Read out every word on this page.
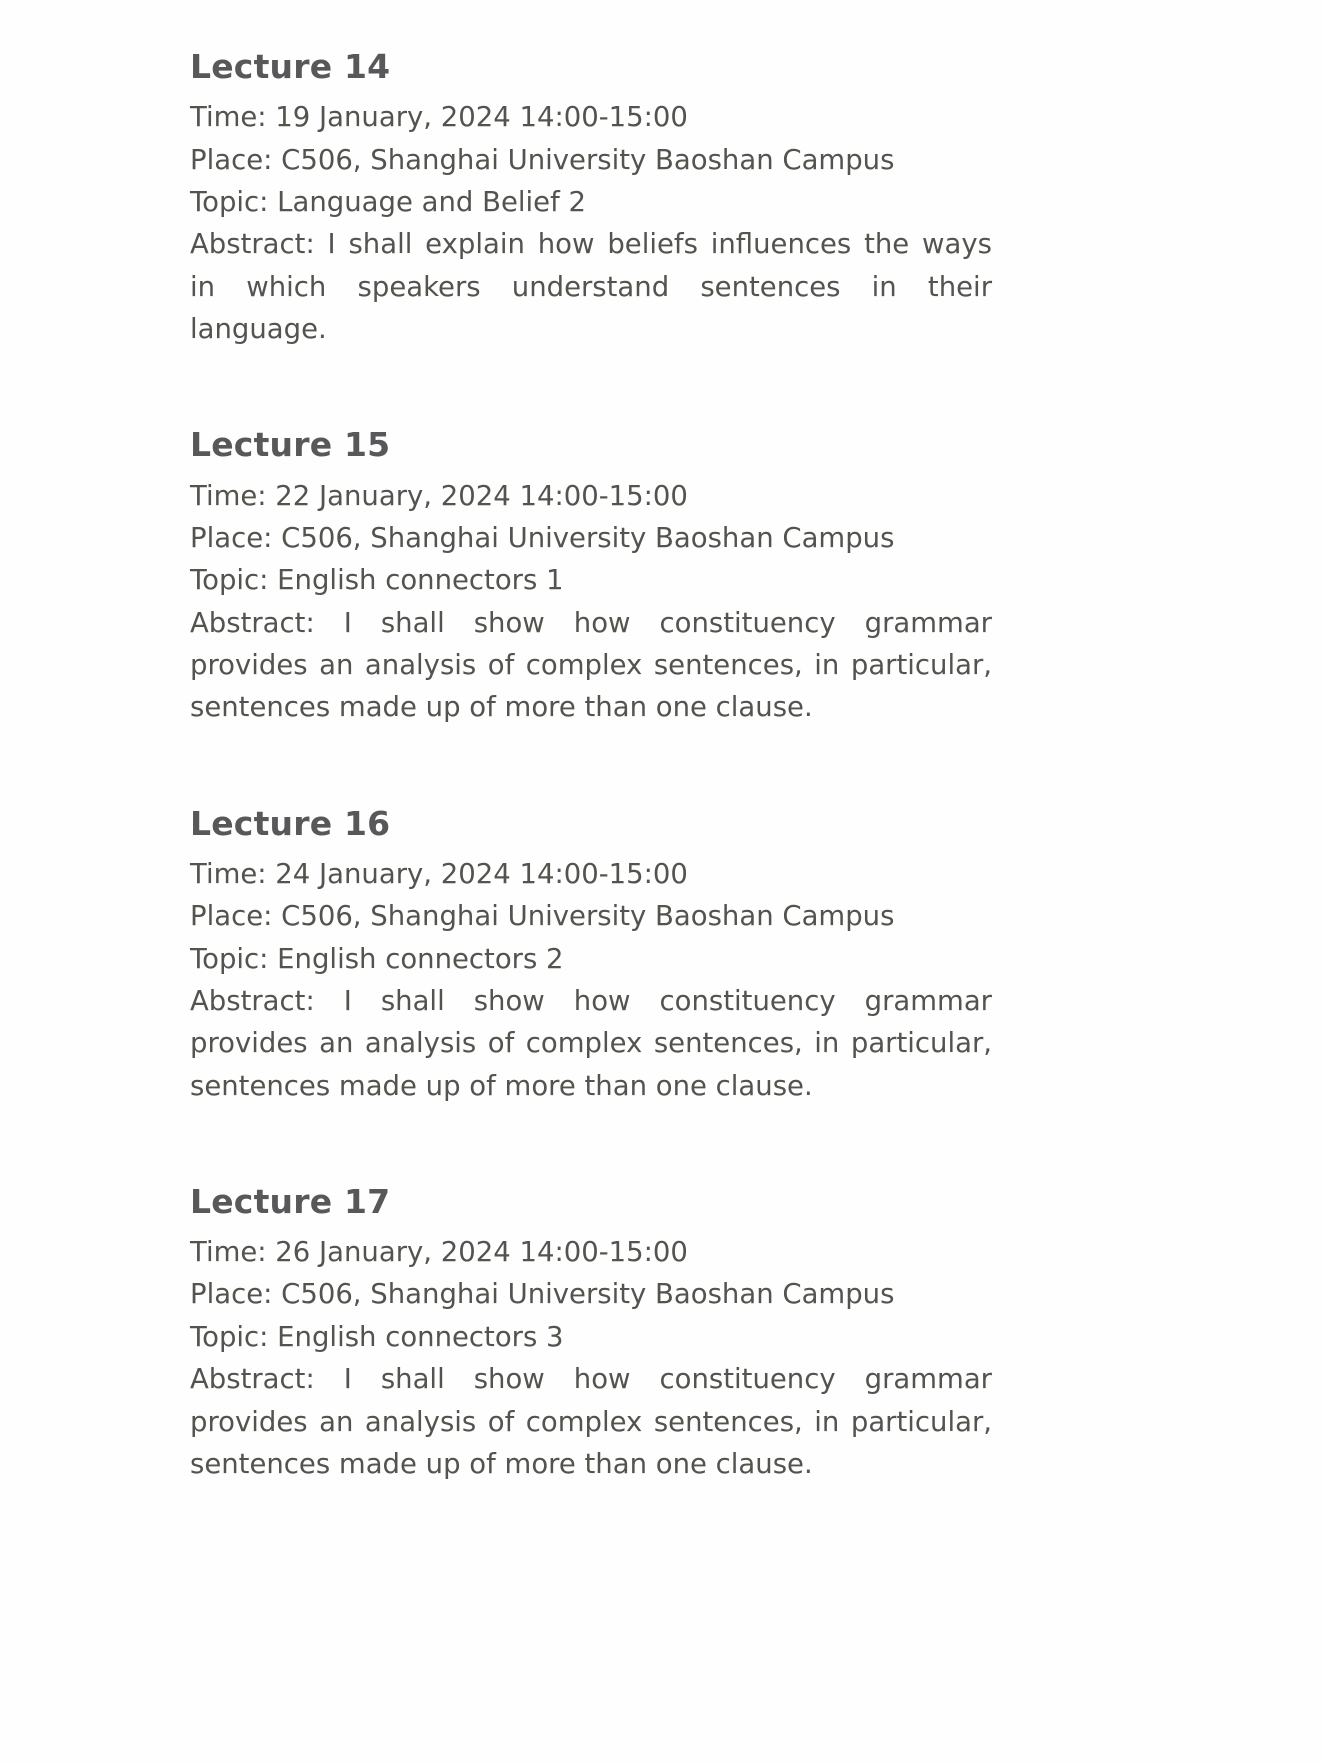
Lecture 14

Time: 19 January, 2024 14:00-15:00

Place: C506, Shanghai University Baoshan Campus

Topic: Language and Belief 2

Abstract: I shall explain how beliefs influences the ways in which speakers understand sentences in their language.

Lecture 15

Time: 22 January, 2024 14:00-15:00

Place: C506, Shanghai University Baoshan Campus

Topic: English connectors 1

Abstract: I shall show how constituency grammar provides an analysis of complex sentences, in particular, sentences made up of more than one clause.

Lecture 16

Time: 24 January, 2024 14:00-15:00

Place: C506, Shanghai University Baoshan Campus

Topic: English connectors 2

Abstract: I shall show how constituency grammar provides an analysis of complex sentences, in particular, sentences made up of more than one clause.

Lecture 17

Time: 26 January, 2024 14:00-15:00

Place: C506, Shanghai University Baoshan Campus

Topic: English connectors 3

Abstract: I shall show how constituency grammar provides an analysis of complex sentences, in particular, sentences made up of more than one clause.
